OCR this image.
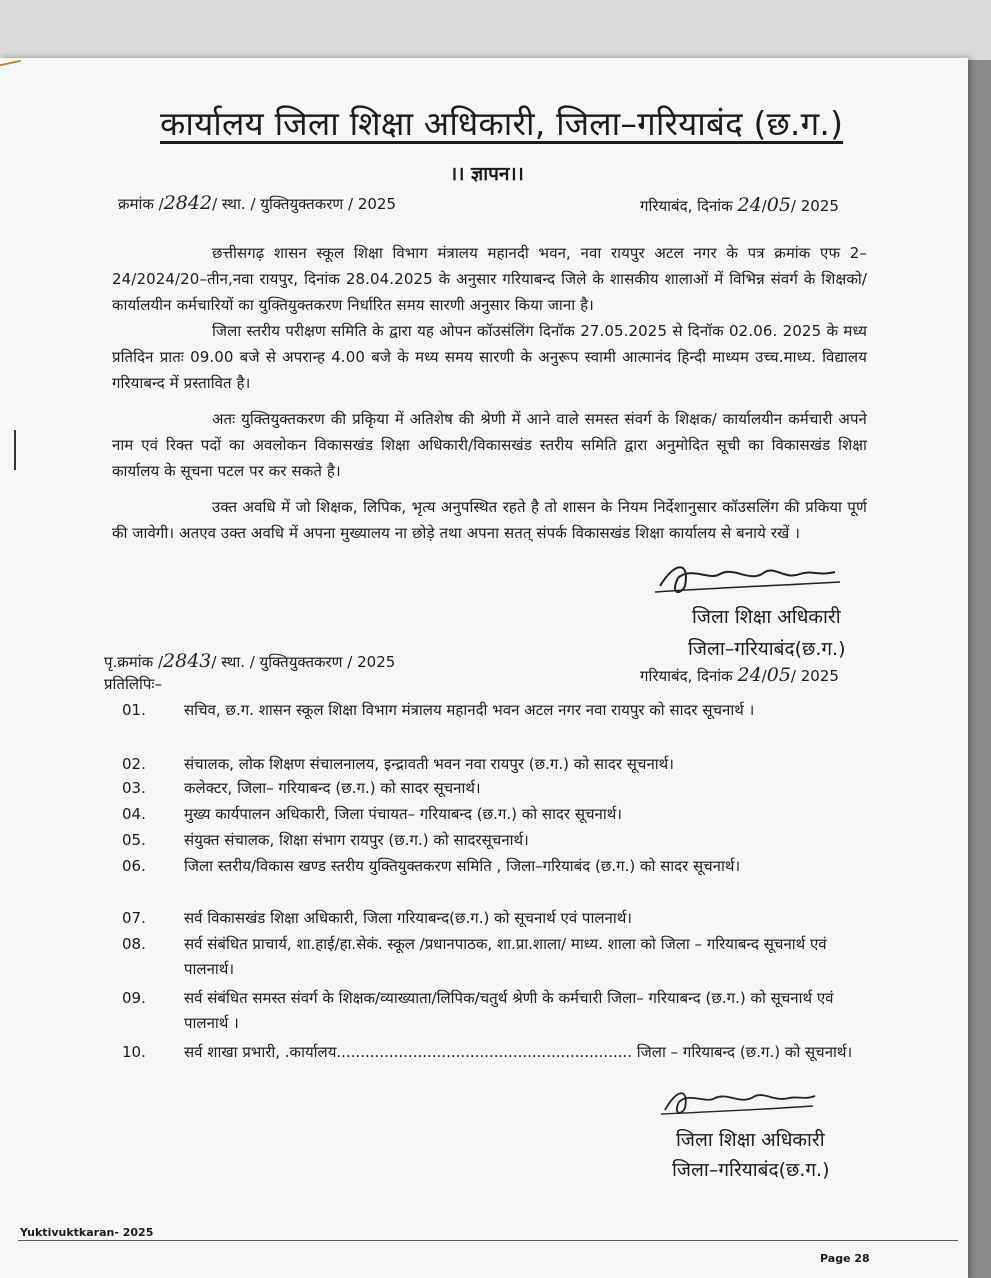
कार्यालय जिला शिक्षा अधिकारी, जिला–गरियाबंद (छ.ग.)
।। ज्ञापन।।
क्रमांक /2842/ स्था. / युक्तियुक्तकरण / 2025	गरियाबंद, दिनांक 24/05/ 2025
छत्तीसगढ़ शासन स्कूल शिक्षा विभाग मंत्रालय महानदी भवन, नवा रायपुर अटल नगर के पत्र क्रमांक एफ 2–24/2024/20–तीन,नवा रायपुर, दिनांक 28.04.2025 के अनुसार गरियाबन्द जिले के शासकीय शालाओं में विभिन्न संवर्ग के शिक्षको/कार्यालयीन कर्मचारियों का युक्तियुक्तकरण निर्धारित समय सारणी अनुसार किया जाना है।
जिला स्तरीय परीक्षण समिति के द्वारा यह ओपन कॉउसंलिंग दिनॉक 27.05.2025 से दिनॉक 02.06. 2025 के मध्य प्रतिदिन प्रातः 09.00 बजे से अपरान्ह 4.00 बजे के मध्य समय सारणी के अनुरूप स्वामी आत्मानंद हिन्दी माध्यम उच्च.माध्य. विद्यालय गरियाबन्द में प्रस्तावित है।
अतः युक्तियुक्तकरण की प्रकिृया में अतिशेष की श्रेणी में आने वाले समस्त संवर्ग के शिक्षक/ कार्यालयीन कर्मचारी अपने नाम एवं रिक्त पदों का अवलोकन विकासखंड शिक्षा अधिकारी/विकासखंड स्तरीय समिति द्वारा अनुमोदित सूची का विकासखंड शिक्षा कार्यालय के सूचना पटल पर कर सकते है।
उक्त अवधि में जो शिक्षक, लिपिक, भृत्य अनुपस्थित रहते है तो शासन के नियम निर्देशानुसार कॉउसलिंग की प्रकिया पूर्ण की जावेगी। अतएव उक्त अवधि में अपना मुख्यालय ना छोड़े तथा अपना सतत् संपर्क विकासखंड शिक्षा कार्यालय से बनाये रखें ।
जिला शिक्षा अधिकारी
जिला–गरियाबंद(छ.ग.)
पृ.क्रमांक /2843/ स्था. / युक्तियुक्तकरण / 2025
गरियाबंद, दिनांक 24/05/ 2025
प्रतिलिपिः–
01.	सचिव, छ.ग. शासन स्कूल शिक्षा विभाग मंत्रालय महानदी भवन अटल नगर नवा रायपुर को सादर सूचनार्थ ।
02.	संचालक, लोक शिक्षण संचालनालय, इन्द्रावती भवन नवा रायपुर (छ.ग.) को सादर सूचनार्थ।
03.	कलेक्टर, जिला– गरियाबन्द (छ.ग.) को सादर सूचनार्थ।
04.	मुख्य कार्यपालन अधिकारी, जिला पंचायत– गरियाबन्द (छ.ग.) को सादर सूचनार्थ।
05.	संयुक्त संचालक, शिक्षा संभाग रायपुर (छ.ग.) को सादरसूचनार्थ।
06.	जिला स्तरीय/विकास खण्ड स्तरीय युक्तियुक्तकरण समिति , जिला–गरियाबंद (छ.ग.) को सादर सूचनार्थ।
07.	सर्व विकासखंड शिक्षा अधिकारी, जिला गरियाबन्द(छ.ग.) को सूचनार्थ एवं पालनार्थ।
08.	सर्व संबंधित प्राचार्य, शा.हाई/हा.सेकं. स्कूल /प्रधानपाठक, शा.प्रा.शाला/ माध्य. शाला को जिला – गरियाबन्द सूचनार्थ एवं पालनार्थ।
09.	सर्व संबंधित समस्त संवर्ग के शिक्षक/व्याख्याता/लिपिक/चतुर्थ श्रेणी के कर्मचारी जिला– गरियाबन्द (छ.ग.) को सूचनार्थ एवं पालनार्थ ।
10.	सर्व शाखा प्रभारी, .कार्यालय.............................................................. जिला – गरियाबन्द (छ.ग.) को सूचनार्थ।
जिला शिक्षा अधिकारी
जिला–गरियाबंद(छ.ग.)
Yuktivuktkaran- 2025
Page 28
